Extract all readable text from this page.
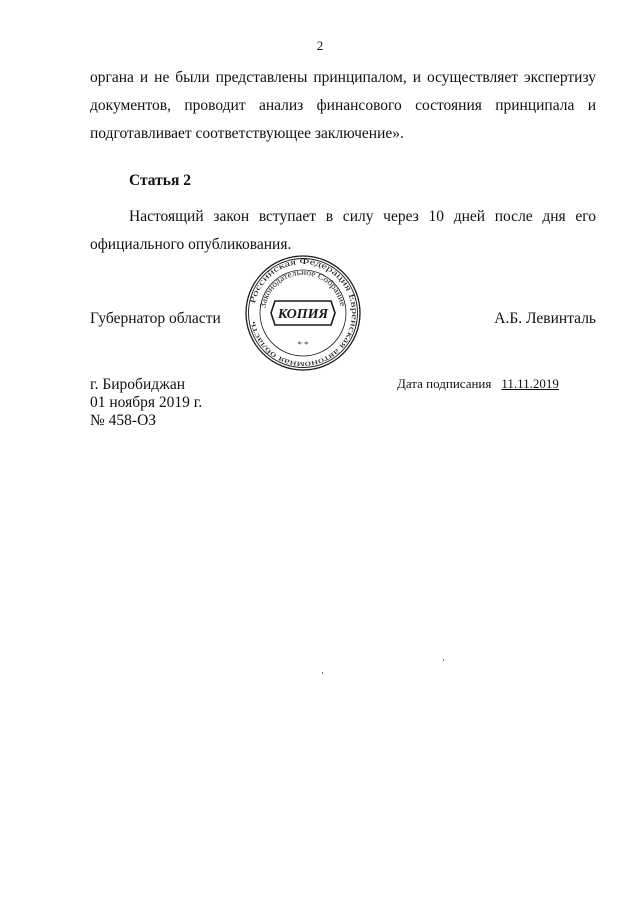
2
органа и не были представлены принципалом, и осуществляет экспертизу
документов, проводит анализ финансового состояния принципала и
подготавливает соответствующее заключение».
Статья 2
Настоящий закон вступает в силу через 10 дней после дня его
официального опубликования.
Губернатор области	А.Б. Левинталь
Российская Федерация Еврейская автономная область
Законодательное Собрание
КОПИЯ
* *
г. Биробиджан
01 ноября 2019 г.
№ 458-ОЗ
Дата подписания 11.11.2019
